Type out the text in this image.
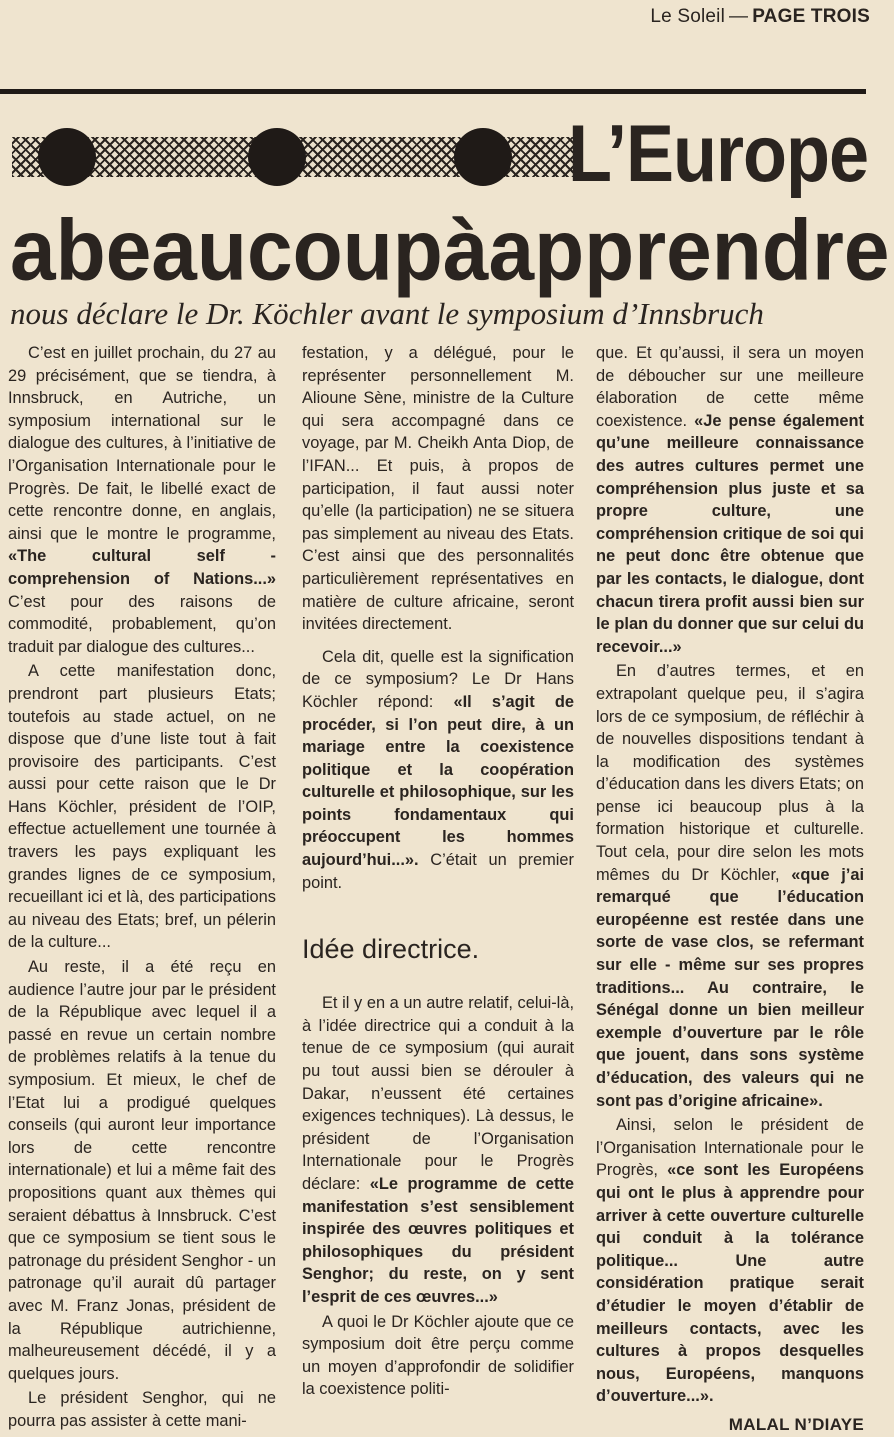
Le Soleil — PAGE TROIS
L’Europe
a beaucoup à apprendre
nous déclare le Dr. Köchler avant le symposium d’Innsbruch

C’est en juillet prochain, du 27 au 29 précisément, que se tiendra, à Innsbruck, en Autriche, un symposium international sur le dialogue des cultures, à l’initiative de l’Organisation Internationale pour le Progrès. De fait, le libellé exact de cette rencontre donne, en anglais, ainsi que le montre le programme, «The cultural self - comprehension of Nations...» C’est pour des raisons de commodité, probablement, qu’on traduit par dialogue des cultures...

A cette manifestation donc, prendront part plusieurs Etats; toutefois au stade actuel, on ne dispose que d’une liste tout à fait provisoire des participants. C’est aussi pour cette raison que le Dr Hans Köchler, président de l’OIP, effectue actuellement une tournée à travers les pays expliquant les grandes lignes de ce symposium, recueillant ici et là, des participations au niveau des Etats; bref, un pélerin de la culture...

Au reste, il a été reçu en audience l’autre jour par le président de la République avec lequel il a passé en revue un certain nombre de problèmes relatifs à la tenue du symposium. Et mieux, le chef de l’Etat lui a prodigué quelques conseils (qui auront leur importance lors de cette rencontre internationale) et lui a même fait des propositions quant aux thèmes qui seraient débattus à Innsbruck. C’est que ce symposium se tient sous le patronage du président Senghor - un patronage qu’il aurait dû partager avec M. Franz Jonas, président de la République autrichienne, malheureusement décédé, il y a quelques jours.

Le président Senghor, qui ne pourra pas assister à cette mani-

festation, y a délégué, pour le représenter personnellement M. Alioune Sène, ministre de la Culture qui sera accompagné dans ce voyage, par M. Cheikh Anta Diop, de l’IFAN... Et puis, à propos de participation, il faut aussi noter qu’elle (la participation) ne se situera pas simplement au niveau des Etats. C’est ainsi que des personnalités particulièrement représentatives en matière de culture africaine, seront invitées directement.

Cela dit, quelle est la signification de ce symposium? Le Dr Hans Köchler répond: «Il s’agit de procéder, si l’on peut dire, à un mariage entre la coexistence politique et la coopération culturelle et philosophique, sur les points fondamentaux qui préoccupent les hommes aujourd’hui...». C’était un premier point.

Idée directrice.

Et il y en a un autre relatif, celui-là, à l’idée directrice qui a conduit à la tenue de ce symposium (qui aurait pu tout aussi bien se dérouler à Dakar, n’eussent été certaines exigences techniques). Là dessus, le président de l’Organisation Internationale pour le Progrès déclare: «Le programme de cette manifestation s’est sensiblement inspirée des œuvres politiques et philosophiques du président Senghor; du reste, on y sent l’esprit de ces œuvres...»

A quoi le Dr Köchler ajoute que ce symposium doit être perçu comme un moyen d’approfondir de solidifier la coexistence politi-

que. Et qu’aussi, il sera un moyen de déboucher sur une meilleure élaboration de cette même coexistence. «Je pense également qu’une meilleure connaissance des autres cultures permet une compréhension plus juste et sa propre culture, une compréhension critique de soi qui ne peut donc être obtenue que par les contacts, le dialogue, dont chacun tirera profit aussi bien sur le plan du donner que sur celui du recevoir...»

En d’autres termes, et en extrapolant quelque peu, il s’agira lors de ce symposium, de réfléchir à de nouvelles dispositions tendant à la modification des systèmes d’éducation dans les divers Etats; on pense ici beaucoup plus à la formation historique et culturelle. Tout cela, pour dire selon les mots mêmes du Dr Köchler, «que j’ai remarqué que l’éducation européenne est restée dans une sorte de vase clos, se refermant sur elle - même sur ses propres traditions... Au contraire, le Sénégal donne un bien meilleur exemple d’ouverture par le rôle que jouent, dans sons système d’éducation, des valeurs qui ne sont pas d’origine africaine».

Ainsi, selon le président de l’Organisation Internationale pour le Progrès, «ce sont les Européens qui ont le plus à apprendre pour arriver à cette ouverture culturelle qui conduit à la tolérance politique... Une autre considération pratique serait d’étudier le moyen d’établir de meilleurs contacts, avec les cultures à propos desquelles nous, Européens, manquons d’ouverture...».

MALAL N’DIAYE
